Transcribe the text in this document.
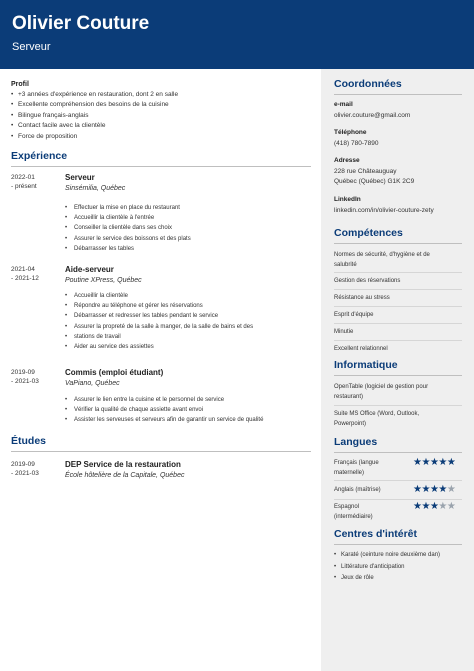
Olivier Couture
Serveur
Profil
• +3 années d'expérience en restauration, dont 2 en salle
• Excellente compréhension des besoins de la cuisine
• Bilingue français-anglais
• Contact facile avec la clientèle
• Force de proposition
Expérience
2022-01
- présent
Serveur
Sinsémilia, Québec
• Effectuer la mise en place du restaurant
• Accueillir la clientèle à l'entrée
• Conseiller la clientèle dans ses choix
• Assurer le service des boissons et des plats
• Débarrasser les tables
2021-04
- 2021-12
Aide-serveur
Poutine XPress, Québec
• Accueillir la clientèle
• Répondre au téléphone et gérer les réservations
• Débarrasser et redresser les tables pendant le service
• Assurer la propreté de la salle à manger, de la salle de bains et des
• stations de travail
• Aider au service des assiettes
2019-09
- 2021-03
Commis (emploi étudiant)
VaPiano, Québec
• Assurer le lien entre la cuisine et le personnel de service
• Vérifier la qualité de chaque assiette avant envoi
• Assister les serveuses et serveurs afin de garantir un service de qualité
Études
2019-09
- 2021-03
DEP Service de la restauration
École hôtelière de la Capitale, Québec
Coordonnées
e-mail
olivier.couture@gmail.com
Téléphone
(418) 780-7890
Adresse
228 rue Châteauguay
Québec (Québec) G1K 2C9
LinkedIn
linkedin.com/in/olivier-couture-zety
Compétences
Normes de sécurité, d'hygiène et de
salubrité
Gestion des réservations
Résistance au stress
Esprit d'équipe
Minutie
Excellent relationnel
Informatique
OpenTable (logiciel de gestion pour
restaurant)
Suite MS Office (Word, Outlook,
Powerpoint)
Langues
Français (langue
maternelle)
★★★★★
Anglais (maîtrise)	★★★★★
Espagnol
(intermédiaire)
★★★★★
Centres d'intérêt
• Karaté (ceinture noire deuxième dan)
• Littérature d'anticipation
• Jeux de rôle
